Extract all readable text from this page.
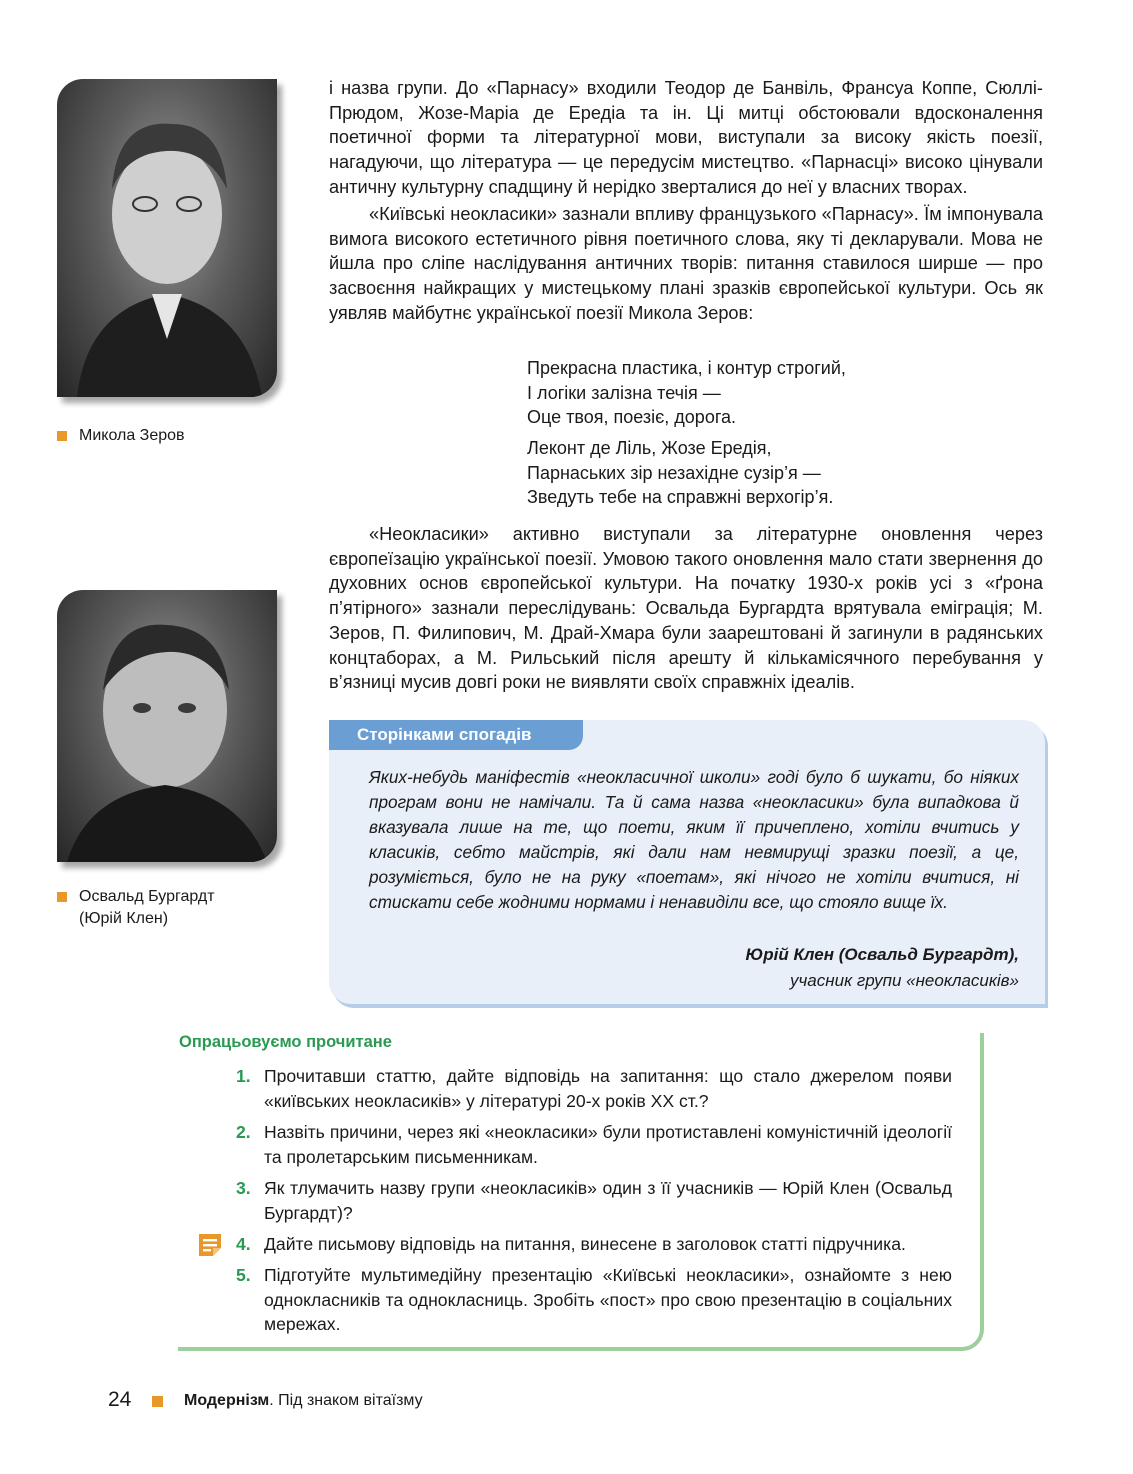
Микола Зеров
Освальд Бургардт
(Юрій Клен)

і назва групи. До «Парнасу» входили Теодор де Банвіль, Франсуа Коппе, Сюллі-Прюдом, Жозе-Маріа де Ередіа та ін. Ці митці обстоювали вдосконалення поетичної форми та літературної мови, виступали за високу якість поезії, нагадуючи, що література — це передусім мистецтво. «Парнасці» високо цінували античну культурну спадщину й нерідко зверталися до неї у власних творах.

«Київські неокласики» зазнали впливу французького «Парнасу». Їм імпонувала вимога високого естетичного рівня поетичного слова, яку ті декларували. Мова не йшла про сліпе наслідування античних творів: питання ставилося ширше — про засвоєння найкращих у мистецькому плані зразків європейської культури. Ось як уявляв майбутнє української поезії Микола Зеров:

Прекрасна пластика, і контур строгий,

І логіки залізна течія —

Оце твоя, поезіє, дорога.

Леконт де Ліль, Жозе Ередія,

Парнаських зір незахідне сузір’я —

Зведуть тебе на справжні верхогір’я.

«Неокласики» активно виступали за літературне оновлення через європеїзацію української поезії. Умовою такого оновлення мало стати звернення до духовних основ європейської культури. На початку 1930-х років усі з «ґрона п’ятірного» зазнали переслідувань: Освальда Бургардта врятувала еміграція; М. Зеров, П. Филипович, М. Драй-Хмара були заарештовані й загинули в радянських концтаборах, а М. Рильський після арешту й кількамісячного перебування у в’язниці мусив довгі роки не виявляти своїх справжніх ідеалів.

Сторінками спогадів

Яких-небудь маніфестів «неокласичної школи» годі було б шукати, бо ніяких програм вони не намічали. Та й сама назва «неокласики» була випадкова й вказувала лише на те, що поети, яким її причеплено, хотіли вчитись у класиків, себто майстрів, які дали нам невмирущі зразки поезії, а це, розуміється, було не на руку «поетам», які нічого не хотіли вчитися, ні стискати себе жодними нормами і ненавиділи все, що стояло вище їх.

Юрій Клен (Освальд Бургардт),
учасник групи «неокласиків»
Опрацьовуємо прочитане
1. Прочитавши статтю, дайте відповідь на запитання: що стало джерелом появи «київських неокласиків» у літературі 20-х років XX ст.?
2. Назвіть причини, через які «неокласики» були протиставлені комуністичній ідеології та пролетарським письменникам.
3. Як тлумачить назву групи «неокласиків» один з її учасників — Юрій Клен (Освальд Бургардт)?
4. Дайте письмову відповідь на питання, винесене в заголовок статті підручника.
5. Підготуйте мультимедійну презентацію «Київські неокласики», ознайомте з нею однокласників та однокласниць. Зробіть «пост» про свою презентацію в соціальних мережах.
24	Модернізм. Під знаком вітаїзму
